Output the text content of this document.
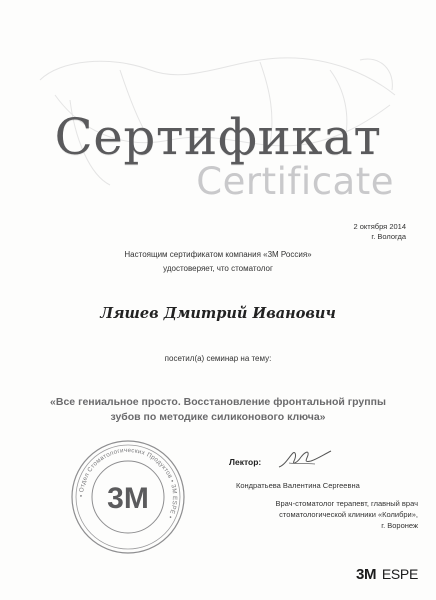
Сертификат
Certificate
2 октября 2014
г. Вологда
Настоящим сертификатом компания «3М Россия»
удостоверяет, что стоматолог
Ляшев Дмитрий Иванович
посетил(а) семинар на тему:
«Все гениальное просто. Восстановление фронтальной группы
зубов по методике силиконового ключа»
• Отдел Стоматологических Продуктов • 3M ESPE •
3M
Лектор:
Кондратьева Валентина Сергеевна
Врач-стоматолог терапевт, главный врач
стоматологической клиники «Колибри»,
г. Воронеж
3M ESPE
